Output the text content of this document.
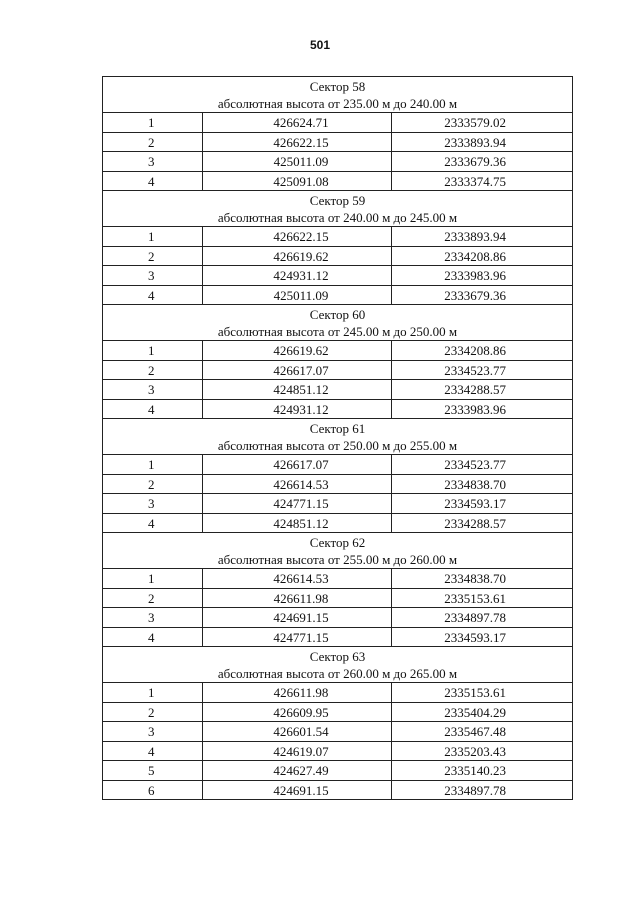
501
Сектор 58
абсолютная высота от 235.00 м до 240.00 м
1	426624.71	2333579.02
2	426622.15	2333893.94
3	425011.09	2333679.36
4	425091.08	2333374.75
Сектор 59
абсолютная высота от 240.00 м до 245.00 м
1	426622.15	2333893.94
2	426619.62	2334208.86
3	424931.12	2333983.96
4	425011.09	2333679.36
Сектор 60
абсолютная высота от 245.00 м до 250.00 м
1	426619.62	2334208.86
2	426617.07	2334523.77
3	424851.12	2334288.57
4	424931.12	2333983.96
Сектор 61
абсолютная высота от 250.00 м до 255.00 м
1	426617.07	2334523.77
2	426614.53	2334838.70
3	424771.15	2334593.17
4	424851.12	2334288.57
Сектор 62
абсолютная высота от 255.00 м до 260.00 м
1	426614.53	2334838.70
2	426611.98	2335153.61
3	424691.15	2334897.78
4	424771.15	2334593.17
Сектор 63
абсолютная высота от 260.00 м до 265.00 м
1	426611.98	2335153.61
2	426609.95	2335404.29
3	426601.54	2335467.48
4	424619.07	2335203.43
5	424627.49	2335140.23
6	424691.15	2334897.78
